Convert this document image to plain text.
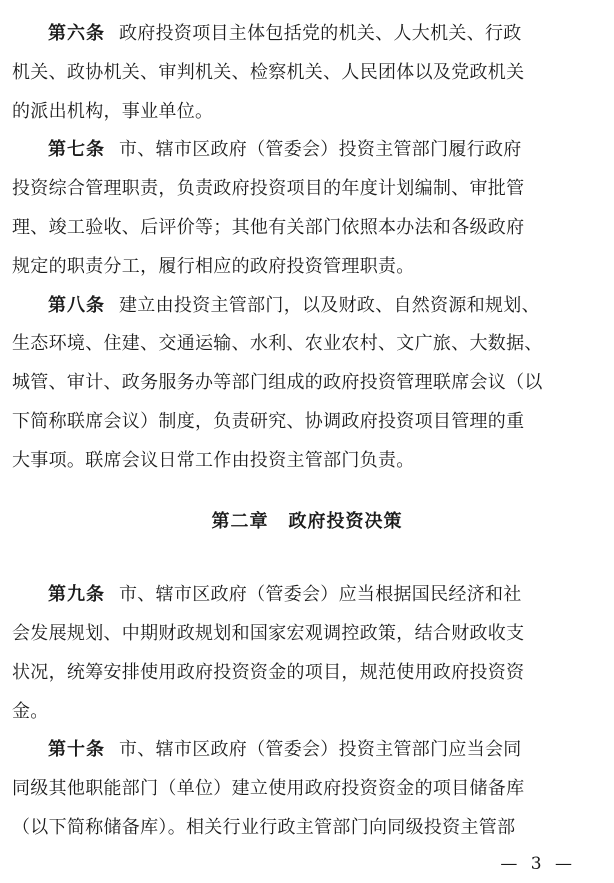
第六条 政府投资项目主体包括党的机关、人大机关、行政
机关、政协机关、审判机关、检察机关、人民团体以及党政机关
的派出机构，事业单位。
第七条 市、辖市区政府（管委会）投资主管部门履行政府
投资综合管理职责，负责政府投资项目的年度计划编制、审批管
理、竣工验收、后评价等；其他有关部门依照本办法和各级政府
规定的职责分工，履行相应的政府投资管理职责。
第八条 建立由投资主管部门，以及财政、自然资源和规划、
生态环境、住建、交通运输、水利、农业农村、文广旅、大数据、
城管、审计、政务服务办等部门组成的政府投资管理联席会议（以
下简称联席会议）制度，负责研究、协调政府投资项目管理的重
大事项。联席会议日常工作由投资主管部门负责。
第二章 政府投资决策
第九条 市、辖市区政府（管委会）应当根据国民经济和社
会发展规划、中期财政规划和国家宏观调控政策，结合财政收支
状况，统筹安排使用政府投资资金的项目，规范使用政府投资资
金。
第十条 市、辖市区政府（管委会）投资主管部门应当会同
同级其他职能部门（单位）建立使用政府投资资金的项目储备库
（以下简称储备库）。相关行业行政主管部门向同级投资主管部
— 3 —
